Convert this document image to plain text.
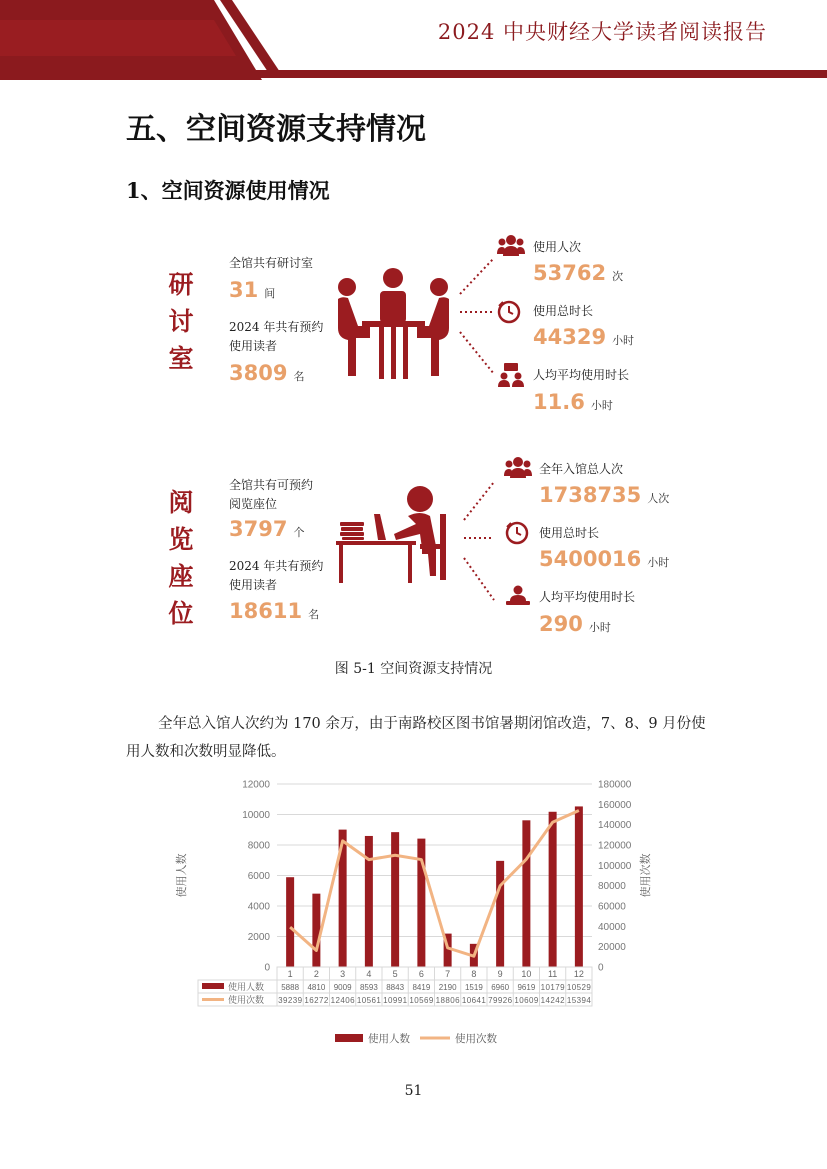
2024 中央财经大学读者阅读报告
五、空间资源支持情况
1、空间资源使用情况
研
讨
室
全馆共有研讨室
31 间
2024 年共有预约
使用读者
3809 名
使用人次
53762 次
使用总时长
44329 小时
人均平均使用时长
11.6 小时
阅
览
座
位
全馆共有可预约
阅览座位
3797 个
2024 年共有预约
使用读者
18611 名
全年入馆总人次
1738735 人次
使用总时长
5400016 小时
人均平均使用时长
290 小时
图 5-1 空间资源支持情况
全年总入馆人次约为 170 余万，由于南路校区图书馆暑期闭馆改造，7、8、9 月份使用人数和次数明显降低。
0
2000
4000
6000
8000
10000
12000
0
20000
40000
60000
80000
100000
120000
140000
160000
180000
使用人数	使用次数
1 2 3 4 5 6 7 8 9 10 11 12
使用人数 5888 4810 9009 8593 8843 8419 2190 1519 6960 9619 10179 10529
使用次数 39239 16272 12406 10561 10991 10569 18806 10641 79926 10609 14242 15394
使用人数	使用次数
51
